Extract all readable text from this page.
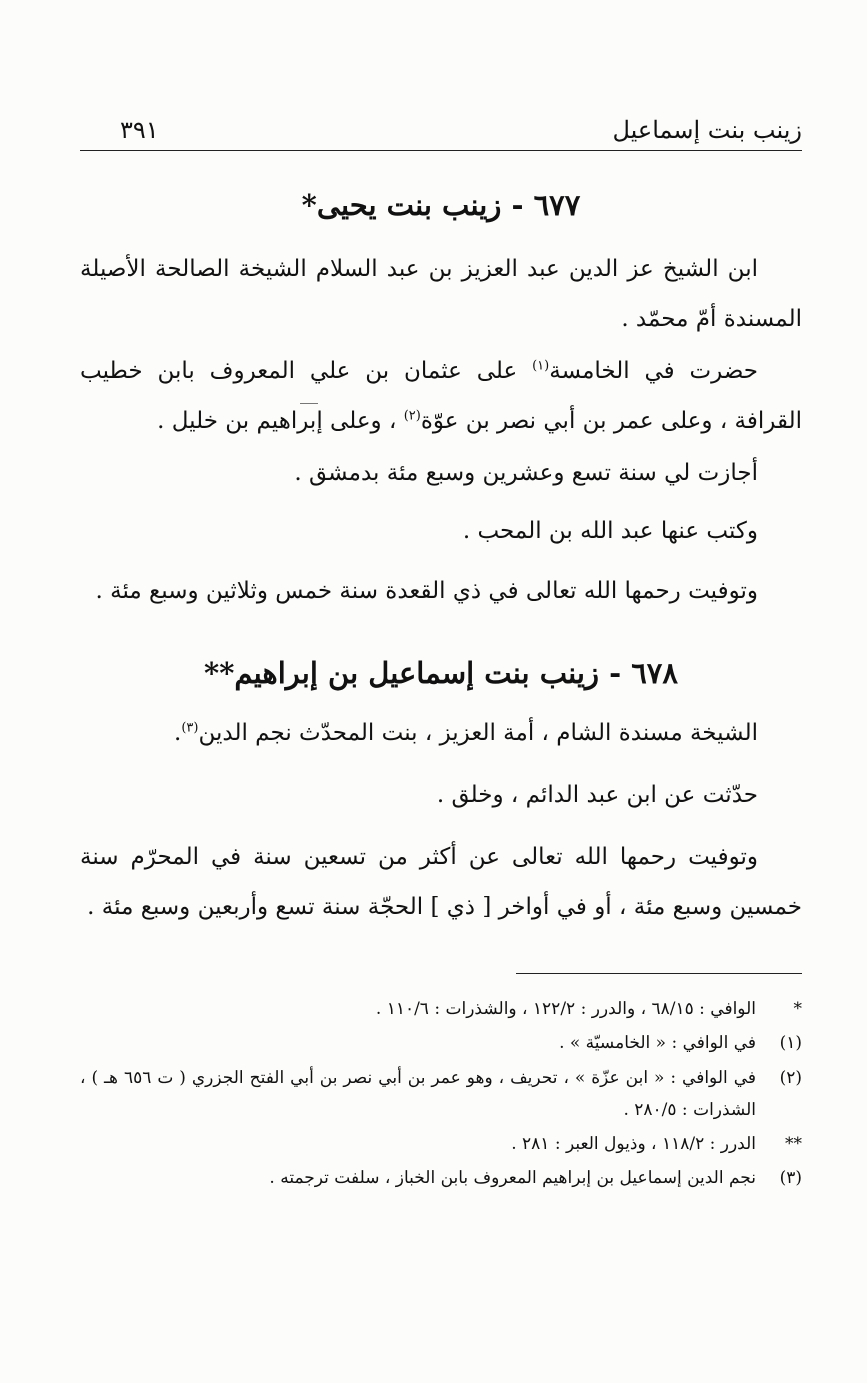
زينب بنت إسماعيل
٣٩١
٦٧٧ - زينب بنت يحيى*
ابن الشيخ عز الدين عبد العزيز بن عبد السلام الشيخة الصالحة الأصيلة المسندة أمّ محمّد .
حضرت في الخامسة$^{(١)}$ على عثمان بن علي المعروف بابن خطيب القرافة ، وعلى عمر بن أبي نصر بن عوّة$^{(٢)}$ ، وعلى إبراهيم بن خليل .
أجازت لي سنة تسع وعشرين وسبع مئة بدمشق .
وكتب عنها عبد الله بن المحب .
وتوفيت رحمها الله تعالى في ذي القعدة سنة خمس وثلاثين وسبع مئة .
٦٧٨ - زينب بنت إسماعيل بن إبراهيم**
الشيخة مسندة الشام ، أمة العزيز ، بنت المحدّث نجم الدين$^{(٣)}$.
حدّثت عن ابن عبد الدائم ، وخلق .
وتوفيت رحمها الله تعالى عن أكثر من تسعين سنة في المحرّم سنة خمسين وسبع مئة ، أو في أواخر [ ذي ] الحجّة سنة تسع وأربعين وسبع مئة .
*
الوافي : ٦٨/١٥ ، والدرر : ١٢٢/٢ ، والشذرات : ١١٠/٦ .
(١)
في الوافي : « الخامسيّة » .
(٢)
في الوافي : « ابن عزّة » ، تحريف ، وهو عمر بن أبي نصر بن أبي الفتح الجزري ( ت ٦٥٦ هـ ) ، الشذرات : ٢٨٠/٥ .
**
الدرر : ١١٨/٢ ، وذيول العبر : ٢٨١ .
(٣)
نجم الدين إسماعيل بن إبراهيم المعروف بابن الخباز ، سلفت ترجمته .
